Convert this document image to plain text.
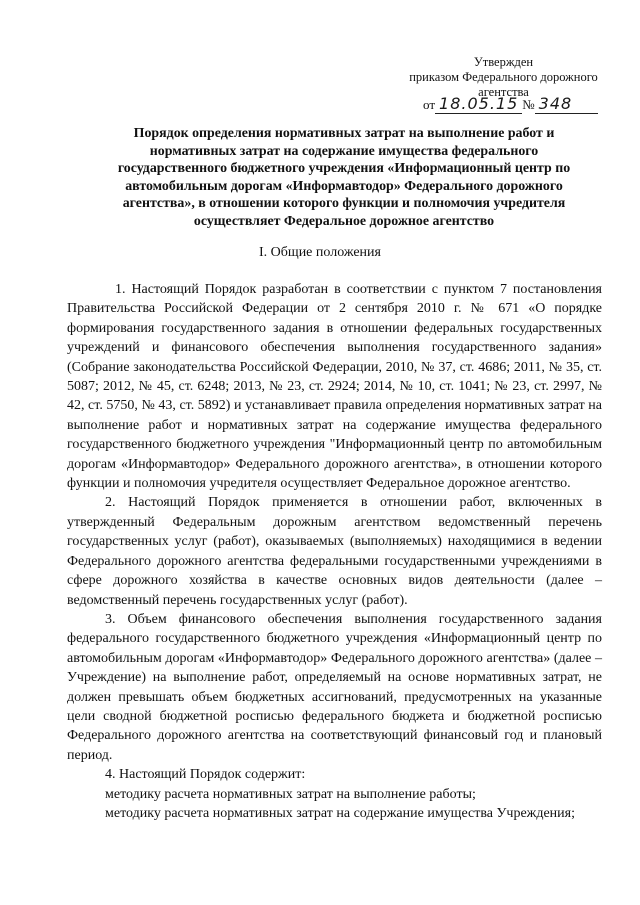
Утвержден
приказом Федерального дорожного
агентства
от 18.05.15 № 348
Порядок определения нормативных затрат на выполнение работ и
нормативных затрат на содержание имущества федерального
государственного бюджетного учреждения «Информационный центр по
автомобильным дорогам «Информавтодор» Федерального дорожного
агентства», в отношении которого функции и полномочия учредителя
осуществляет Федеральное дорожное агентство
I. Общие положения

1. Настоящий Порядок разработан в соответствии с пунктом 7 постановления Правительства Российской Федерации от 2 сентября 2010 г. № 671 «О порядке формирования государственного задания в отношении федеральных государственных учреждений и финансового обеспечения выполнения государственного задания» (Собрание законодательства Российской Федерации, 2010, № 37, ст. 4686; 2011, № 35, ст. 5087; 2012, № 45, ст. 6248; 2013, № 23, ст. 2924; 2014, № 10, ст. 1041; № 23, ст. 2997, № 42, ст. 5750, № 43, ст. 5892) и устанавливает правила определения нормативных затрат на выполнение работ и нормативных затрат на содержание имущества федерального государственного бюджетного учреждения "Информационный центр по автомобильным дорогам «Информавтодор» Федерального дорожного агентства», в отношении которого функции и полномочия учредителя осуществляет Федеральное дорожное агентство.

2. Настоящий Порядок применяется в отношении работ, включенных в утвержденный Федеральным дорожным агентством ведомственный перечень государственных услуг (работ), оказываемых (выполняемых) находящимися в ведении Федерального дорожного агентства федеральными государственными учреждениями в сфере дорожного хозяйства в качестве основных видов деятельности (далее – ведомственный перечень государственных услуг (работ).

3. Объем финансового обеспечения выполнения государственного задания федерального государственного бюджетного учреждения «Информационный центр по автомобильным дорогам «Информавтодор» Федерального дорожного агентства» (далее – Учреждение) на выполнение работ, определяемый на основе нормативных затрат, не должен превышать объем бюджетных ассигнований, предусмотренных на указанные цели сводной бюджетной росписью федерального бюджета и бюджетной росписью Федерального дорожного агентства на соответствующий финансовый год и плановый период.

4. Настоящий Порядок содержит:

методику расчета нормативных затрат на выполнение работы;

методику расчета нормативных затрат на содержание имущества Учреждения;
